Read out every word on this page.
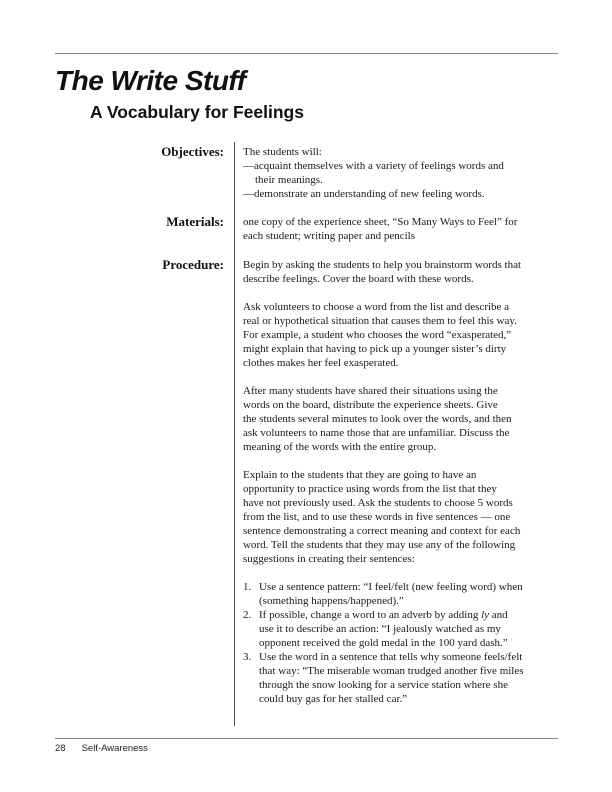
The Write Stuff
A Vocabulary for Feelings
Objectives: The students will:

—acquaint themselves with a variety of feelings words and
their meanings.

—demonstrate an understanding of new feeling words.

Materials: one copy of the experience sheet, “So Many Ways to Feel” for
each student; writing paper and pencils

Procedure: Begin by asking the students to help you brainstorm words that
describe feelings. Cover the board with these words.

Ask volunteers to choose a word from the list and describe a
real or hypothetical situation that causes them to feel this way.
For example, a student who chooses the word “exasperated,”
might explain that having to pick up a younger sister’s dirty
clothes makes her feel exasperated.

After many students have shared their situations using the
words on the board, distribute the experience sheets. Give
the students several minutes to look over the words, and then
ask volunteers to name those that are unfamiliar. Discuss the
meaning of the words with the entire group.

Explain to the students that they are going to have an
opportunity to practice using words from the list that they
have not previously used. Ask the students to choose 5 words
from the list, and to use these words in five sentences — one
sentence demonstrating a correct meaning and context for each
word. Tell the students that they may use any of the following
suggestions in creating their sentences:

1. Use a sentence pattern: “I feel/felt (new feeling word) when
(something happens/happened).”
2. If possible, change a word to an adverb by adding ly and
use it to describe an action: “I jealously watched as my
opponent received the gold medal in the 100 yard dash.”
3. Use the word in a sentence that tells why someone feels/felt
that way: “The miserable woman trudged another five miles
through the snow looking for a service station where she
could buy gas for her stalled car.”
28 Self-Awareness
